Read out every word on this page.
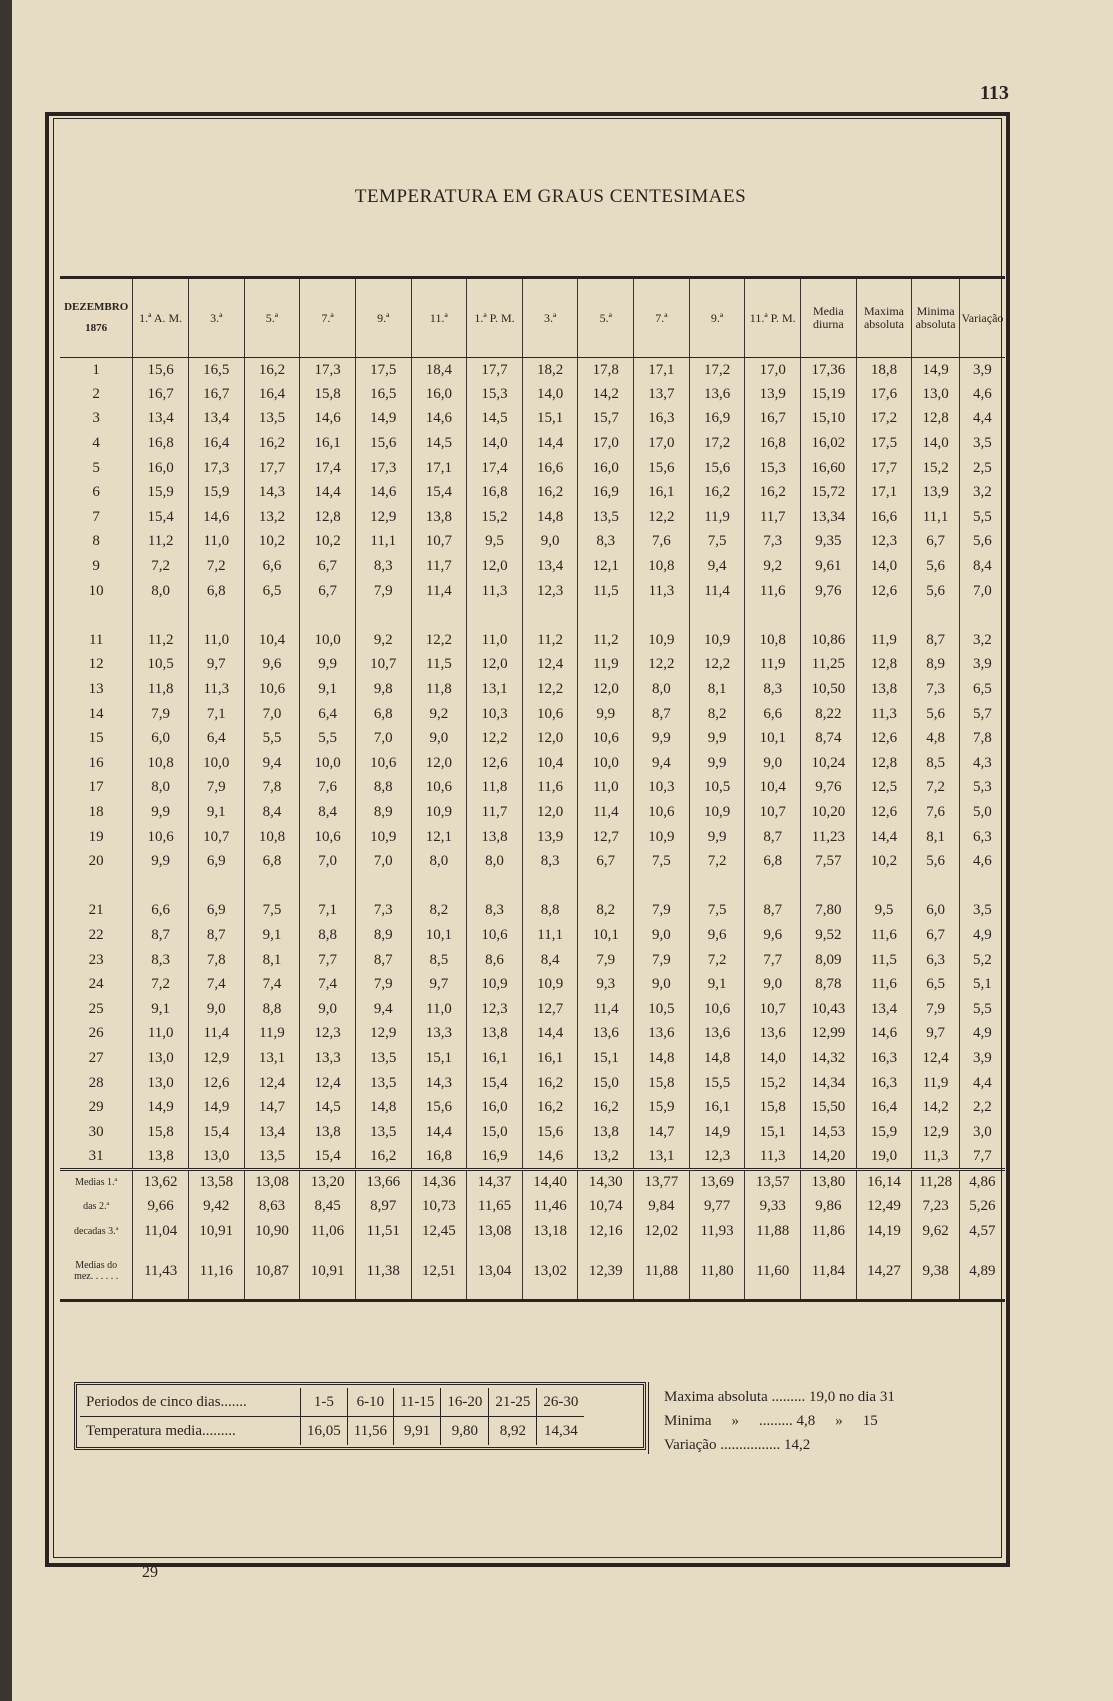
113
TEMPERATURA EM GRAUS CENTESIMAES
DEZEMBRO
1876	1.ª A. M.	3.ª	5.ª	7.ª	9.ª	11.ª	1.ª P. M.	3.ª	5.ª	7.ª	9.ª	11.ª P. M.	Media diurna	Maxima absoluta	Minima absoluta	Variação
1	15,6	16,5	16,2	17,3	17,5	18,4	17,7	18,2	17,8	17,1	17,2	17,0	17,36	18,8	14,9	3,9
2	16,7	16,7	16,4	15,8	16,5	16,0	15,3	14,0	14,2	13,7	13,6	13,9	15,19	17,6	13,0	4,6
3	13,4	13,4	13,5	14,6	14,9	14,6	14,5	15,1	15,7	16,3	16,9	16,7	15,10	17,2	12,8	4,4
4	16,8	16,4	16,2	16,1	15,6	14,5	14,0	14,4	17,0	17,0	17,2	16,8	16,02	17,5	14,0	3,5
5	16,0	17,3	17,7	17,4	17,3	17,1	17,4	16,6	16,0	15,6	15,6	15,3	16,60	17,7	15,2	2,5
6	15,9	15,9	14,3	14,4	14,6	15,4	16,8	16,2	16,9	16,1	16,2	16,2	15,72	17,1	13,9	3,2
7	15,4	14,6	13,2	12,8	12,9	13,8	15,2	14,8	13,5	12,2	11,9	11,7	13,34	16,6	11,1	5,5
8	11,2	11,0	10,2	10,2	11,1	10,7	9,5	9,0	8,3	7,6	7,5	7,3	9,35	12,3	6,7	5,6
9	7,2	7,2	6,6	6,7	8,3	11,7	12,0	13,4	12,1	10,8	9,4	9,2	9,61	14,0	5,6	8,4
10	8,0	6,8	6,5	6,7	7,9	11,4	11,3	12,3	11,5	11,3	11,4	11,6	9,76	12,6	5,6	7,0

11	11,2	11,0	10,4	10,0	9,2	12,2	11,0	11,2	11,2	10,9	10,9	10,8	10,86	11,9	8,7	3,2
12	10,5	9,7	9,6	9,9	10,7	11,5	12,0	12,4	11,9	12,2	12,2	11,9	11,25	12,8	8,9	3,9
13	11,8	11,3	10,6	9,1	9,8	11,8	13,1	12,2	12,0	8,0	8,1	8,3	10,50	13,8	7,3	6,5
14	7,9	7,1	7,0	6,4	6,8	9,2	10,3	10,6	9,9	8,7	8,2	6,6	8,22	11,3	5,6	5,7
15	6,0	6,4	5,5	5,5	7,0	9,0	12,2	12,0	10,6	9,9	9,9	10,1	8,74	12,6	4,8	7,8
16	10,8	10,0	9,4	10,0	10,6	12,0	12,6	10,4	10,0	9,4	9,9	9,0	10,24	12,8	8,5	4,3
17	8,0	7,9	7,8	7,6	8,8	10,6	11,8	11,6	11,0	10,3	10,5	10,4	9,76	12,5	7,2	5,3
18	9,9	9,1	8,4	8,4	8,9	10,9	11,7	12,0	11,4	10,6	10,9	10,7	10,20	12,6	7,6	5,0
19	10,6	10,7	10,8	10,6	10,9	12,1	13,8	13,9	12,7	10,9	9,9	8,7	11,23	14,4	8,1	6,3
20	9,9	6,9	6,8	7,0	7,0	8,0	8,0	8,3	6,7	7,5	7,2	6,8	7,57	10,2	5,6	4,6

21	6,6	6,9	7,5	7,1	7,3	8,2	8,3	8,8	8,2	7,9	7,5	8,7	7,80	9,5	6,0	3,5
22	8,7	8,7	9,1	8,8	8,9	10,1	10,6	11,1	10,1	9,0	9,6	9,6	9,52	11,6	6,7	4,9
23	8,3	7,8	8,1	7,7	8,7	8,5	8,6	8,4	7,9	7,9	7,2	7,7	8,09	11,5	6,3	5,2
24	7,2	7,4	7,4	7,4	7,9	9,7	10,9	10,9	9,3	9,0	9,1	9,0	8,78	11,6	6,5	5,1
25	9,1	9,0	8,8	9,0	9,4	11,0	12,3	12,7	11,4	10,5	10,6	10,7	10,43	13,4	7,9	5,5
26	11,0	11,4	11,9	12,3	12,9	13,3	13,8	14,4	13,6	13,6	13,6	13,6	12,99	14,6	9,7	4,9
27	13,0	12,9	13,1	13,3	13,5	15,1	16,1	16,1	15,1	14,8	14,8	14,0	14,32	16,3	12,4	3,9
28	13,0	12,6	12,4	12,4	13,5	14,3	15,4	16,2	15,0	15,8	15,5	15,2	14,34	16,3	11,9	4,4
29	14,9	14,9	14,7	14,5	14,8	15,6	16,0	16,2	16,2	15,9	16,1	15,8	15,50	16,4	14,2	2,2
30	15,8	15,4	13,4	13,8	13,5	14,4	15,0	15,6	13,8	14,7	14,9	15,1	14,53	15,9	12,9	3,0
31	13,8	13,0	13,5	15,4	16,2	16,8	16,9	14,6	13,2	13,1	12,3	11,3	14,20	19,0	11,3	7,7
Medias 1.ª	13,62	13,58	13,08	13,20	13,66	14,36	14,37	14,40	14,30	13,77	13,69	13,57	13,80	16,14	11,28	4,86
das 2.ª	9,66	9,42	8,63	8,45	8,97	10,73	11,65	11,46	10,74	9,84	9,77	9,33	9,86	12,49	7,23	5,26
decadas 3.ª	11,04	10,91	10,90	11,06	11,51	12,45	13,08	13,18	12,16	12,02	11,93	11,88	11,86	14,19	9,62	4,57

Medias do
mez. . . . . .	11,43	11,16	10,87	10,91	11,38	12,51	13,04	13,02	12,39	11,88	11,80	11,60	11,84	14,27	9,38	4,89
Periodos de cinco dias.......	1-5	6-10	11-15	16-20	21-25	26-30
Temperatura media.........	16,05	11,56	9,91	9,80	8,92	14,34
Maxima absoluta ......... 19,0 no dia 31
Minima » ......... 4,8 » 15
Variação ................ 14,2
29
